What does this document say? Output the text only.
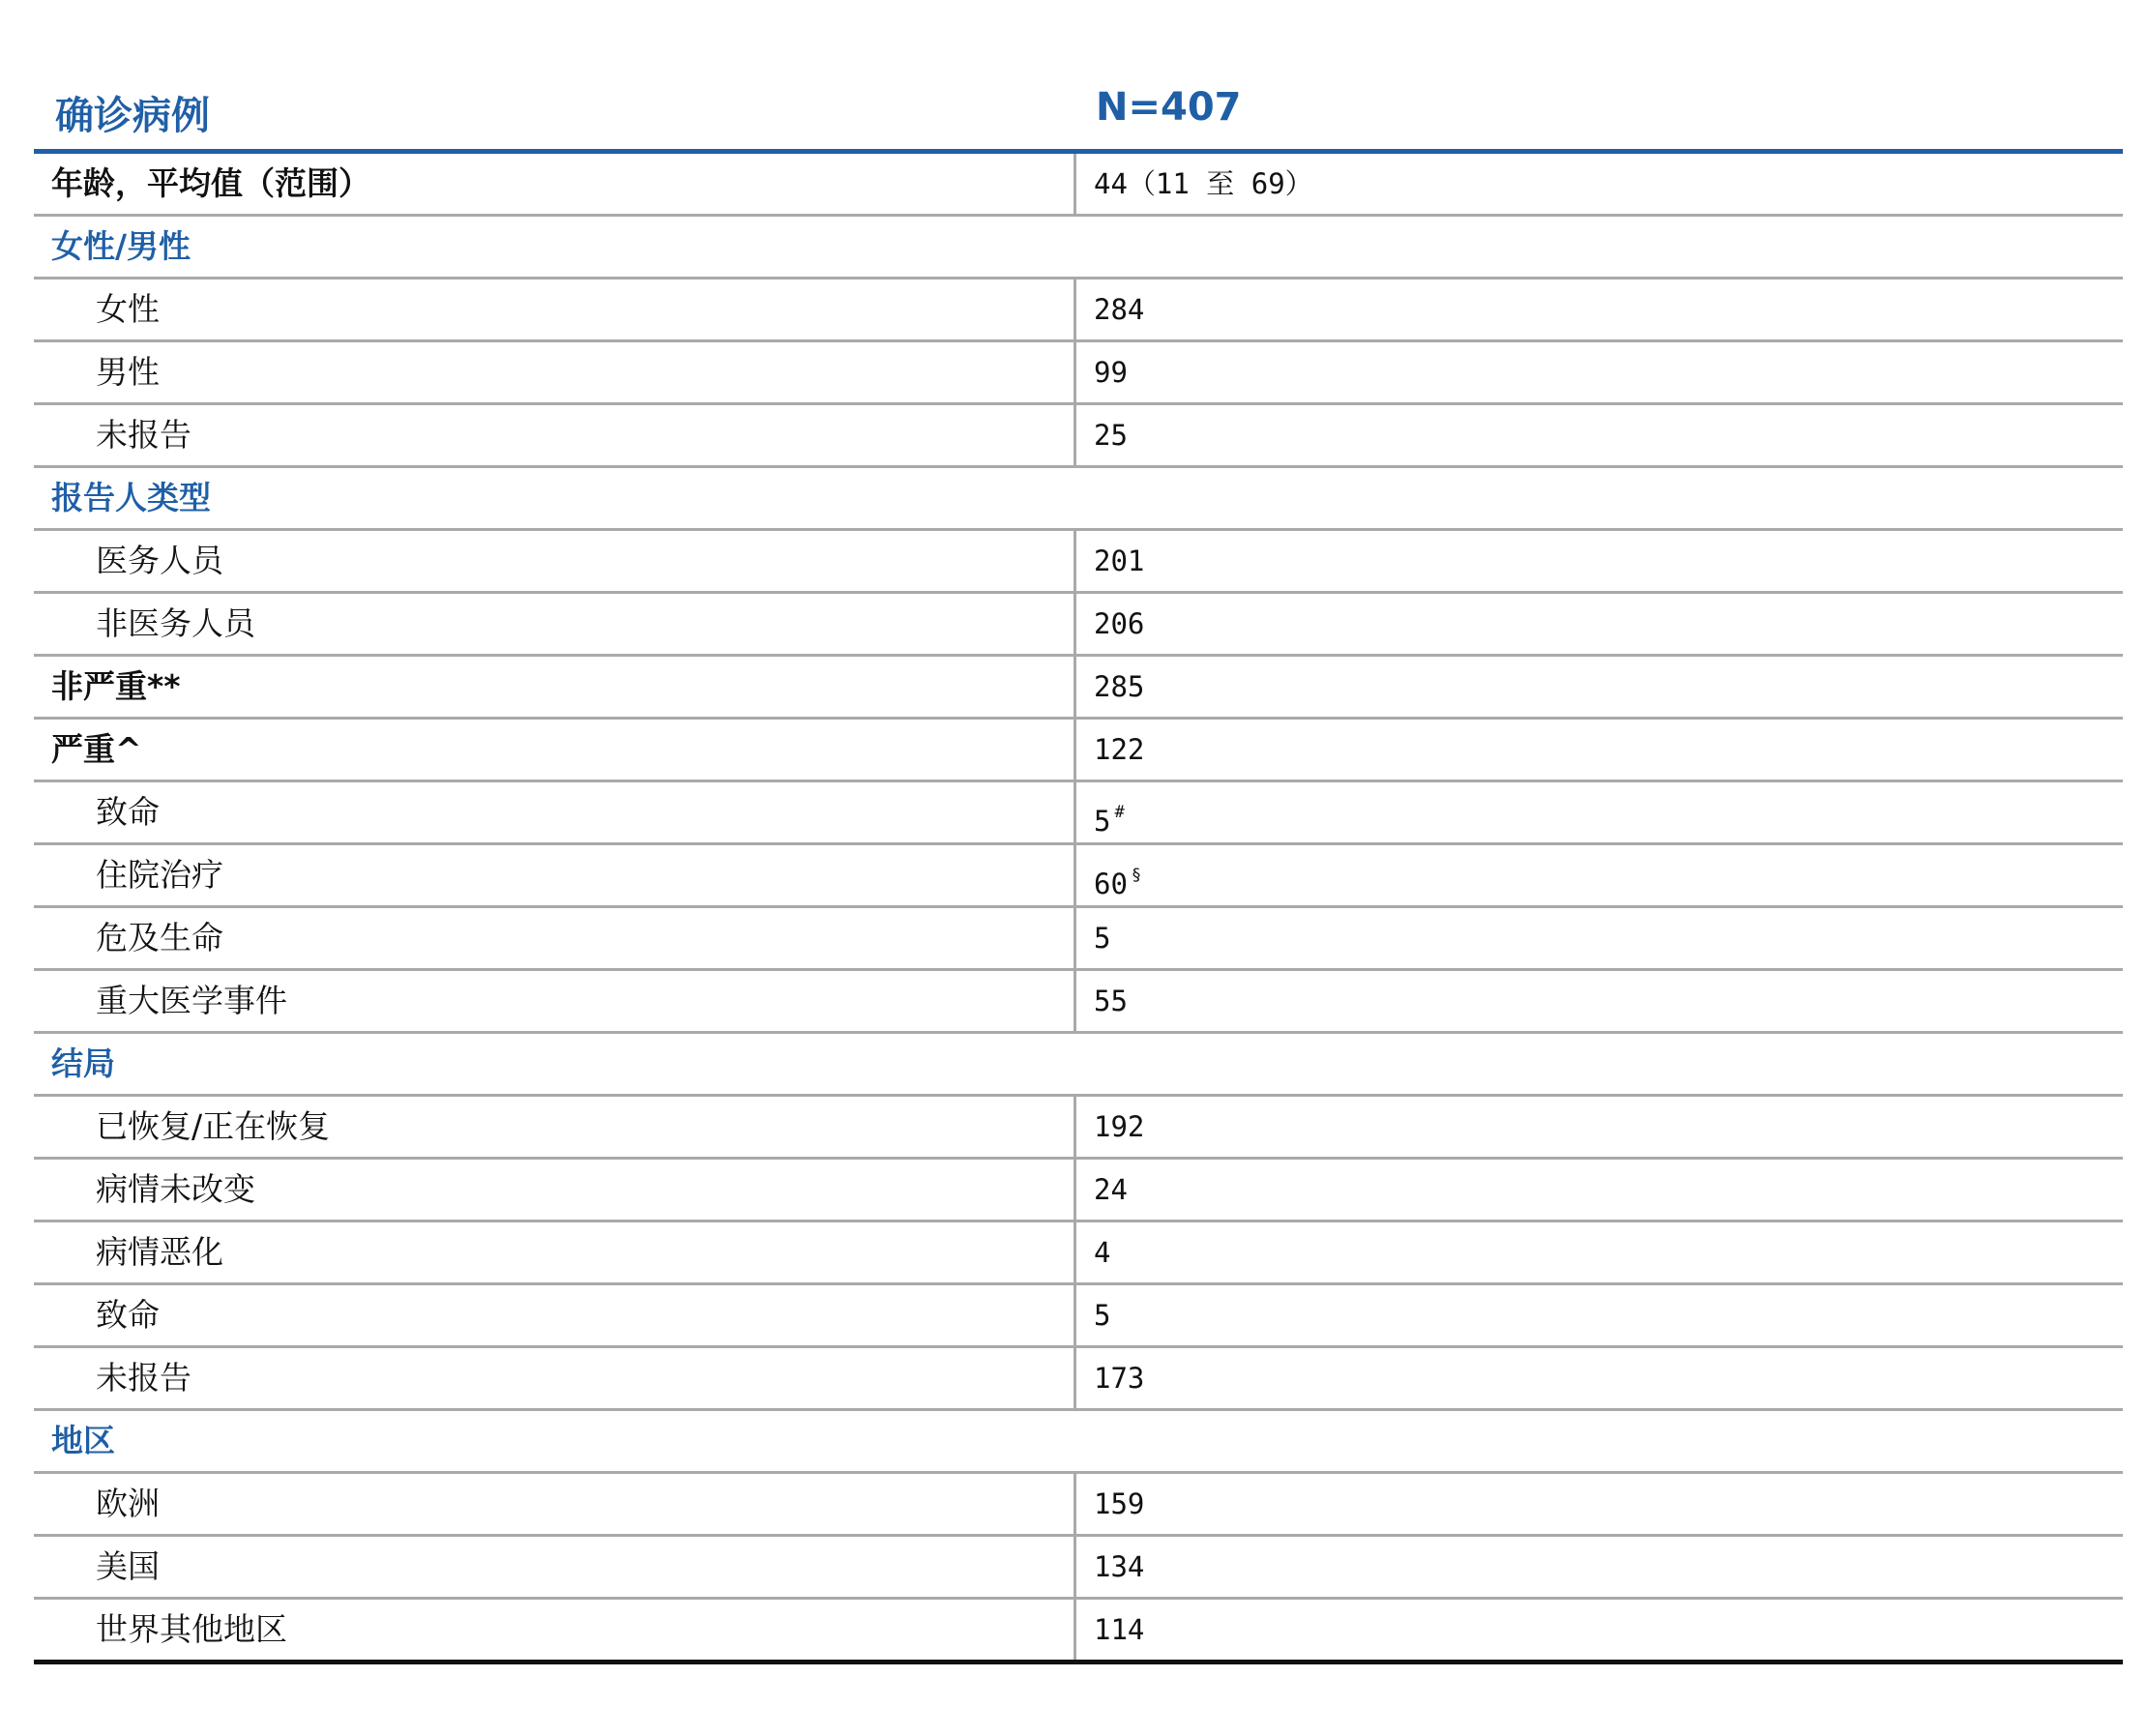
确诊病例	N=407
年龄，平均值（范围）	44（11 至 69）
女性/男性
女性	284
男性	99
未报告	25
报告人类型
医务人员	201
非医务人员	206
非严重**	285
严重^	122
致命	5 #
住院治疗	60 §
危及生命	5
重大医学事件	55
结局
已恢复/正在恢复	192
病情未改变	24
病情恶化	4
致命	5
未报告	173
地区
欧洲	159
美国	134
世界其他地区	114
